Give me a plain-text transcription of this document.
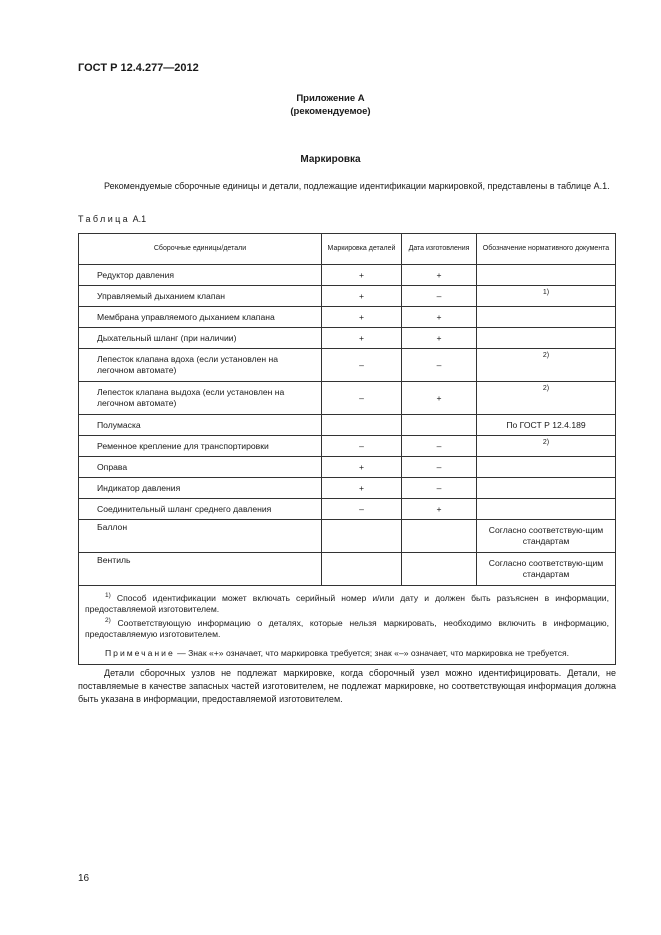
ГОСТ Р 12.4.277—2012
Приложение А
(рекомендуемое)
Маркировка
Рекомендуемые сборочные единицы и детали, подлежащие идентификации маркировкой, представлены в таблице А.1.
Таблица А.1
Сборочные единицы/детали	Маркировка деталей	Дата изготовления	Обозначение нормативного документа
Редуктор давления	+	+	
Управляемый дыханием клапан	+	–	1)

Мембрана управляемого дыханием клапана	+	+	
Дыхательный шланг (при наличии)	+	+	
Лепесток клапана вдоха (если установлен на легочном автомате)	–	–	2)

Лепесток клапана выдоха (если установлен на легочном автомате)	–	+	2)

Полумаска			По ГОСТ Р 12.4.189
Ременное крепление для транспортировки	–	–	2)

Оправа	+	–	
Индикатор давления	+	–	
Соединительный шланг среднего давления	–	+	
Баллон			Согласно соответствую-щим стандартам
Вентиль			Согласно соответствую-щим стандартам

$^{1)}$ Способ идентификации может включать серийный номер и/или дату и должен быть разъяснен в информации, предоставляемой изготовителем.

$^{2)}$ Соответствующую информацию о деталях, которые нельзя маркировать, необходимо включить в информацию, предоставляемую изготовителем.

Примечание — Знак «+» означает, что маркировка требуется; знак «–» означает, что маркировка не требуется.			

Детали сборочных узлов не подлежат маркировке, когда сборочный узел можно идентифицировать. Детали, не поставляемые в качестве запасных частей изготовителем, не подлежат маркировке, но соответствующая информация должна быть указана в информации, предоставляемой изготовителем.
16
